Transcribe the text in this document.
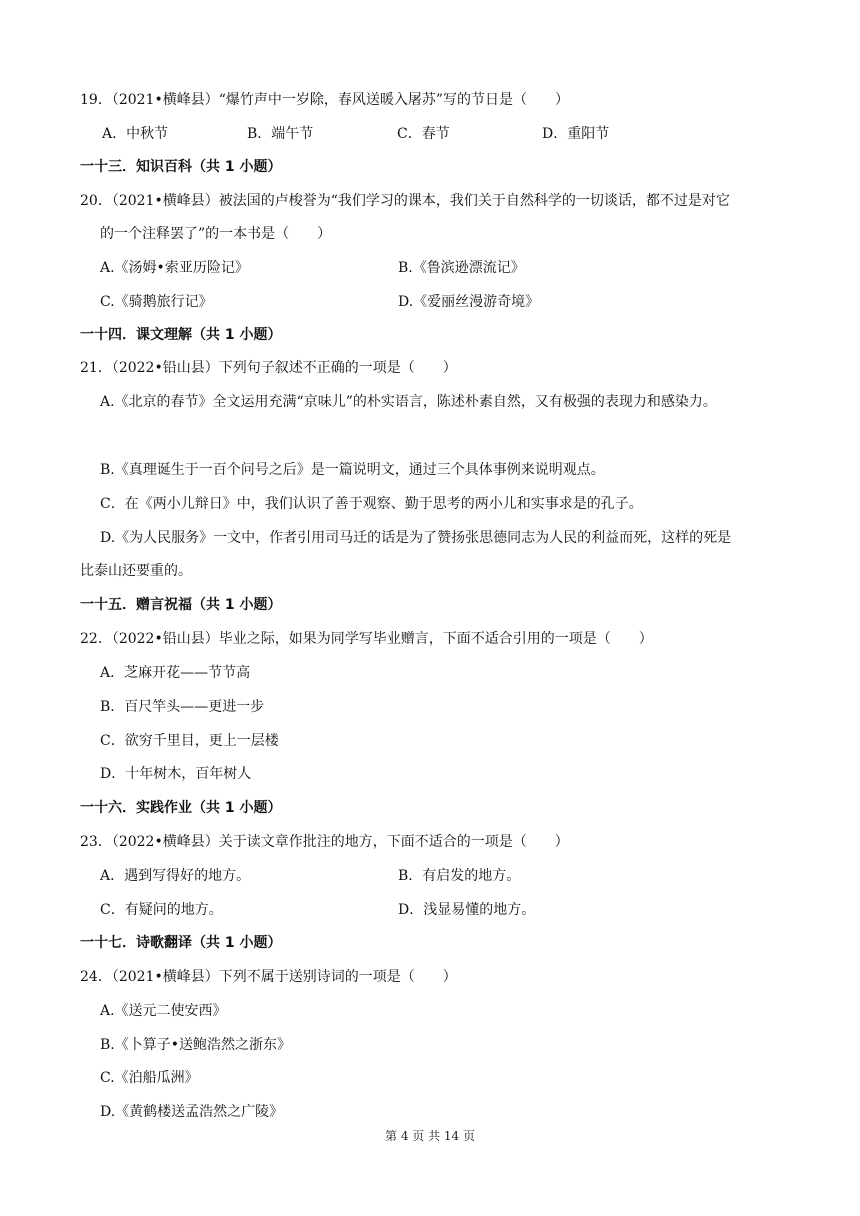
19．（2021•横峰县）“爆竹声中一岁除，春风送暖入屠苏”写的节日是（　　）
A．中秋节	B．端午节	C．春节	D．重阳节
一十三．知识百科（共 1 小题）
20．（2021•横峰县）被法国的卢梭誉为“我们学习的课本，我们关于自然科学的一切谈话，都不过是对它
的一个注释罢了”的一本书是（　　）
A.《汤姆•索亚历险记》	B.《鲁滨逊漂流记》
C.《骑鹅旅行记》	D.《爱丽丝漫游奇境》
一十四．课文理解（共 1 小题）
21．（2022•铅山县）下列句子叙述不正确的一项是（　　）
A.《北京的春节》全文运用充满“京味儿”的朴实语言，陈述朴素自然，又有极强的表现力和感染力。
B.《真理诞生于一百个问号之后》是一篇说明文，通过三个具体事例来说明观点。
C．在《两小儿辩日》中，我们认识了善于观察、勤于思考的两小儿和实事求是的孔子。
D.《为人民服务》一文中，作者引用司马迁的话是为了赞扬张思德同志为人民的利益而死，这样的死是
比泰山还要重的。
一十五．赠言祝福（共 1 小题）
22．（2022•铅山县）毕业之际，如果为同学写毕业赠言，下面不适合引用的一项是（　　）
A．芝麻开花——节节高
B．百尺竿头——更进一步
C．欲穷千里目，更上一层楼
D．十年树木，百年树人
一十六．实践作业（共 1 小题）
23．（2022•横峰县）关于读文章作批注的地方，下面不适合的一项是（　　）
A．遇到写得好的地方。	B．有启发的地方。
C．有疑问的地方。	D．浅显易懂的地方。
一十七．诗歌翻译（共 1 小题）
24．（2021•横峰县）下列不属于送别诗词的一项是（　　）
A.《送元二使安西》
B.《卜算子•送鲍浩然之浙东》
C.《泊船瓜洲》
D.《黄鹤楼送孟浩然之广陵》
第 4 页 共 14 页
